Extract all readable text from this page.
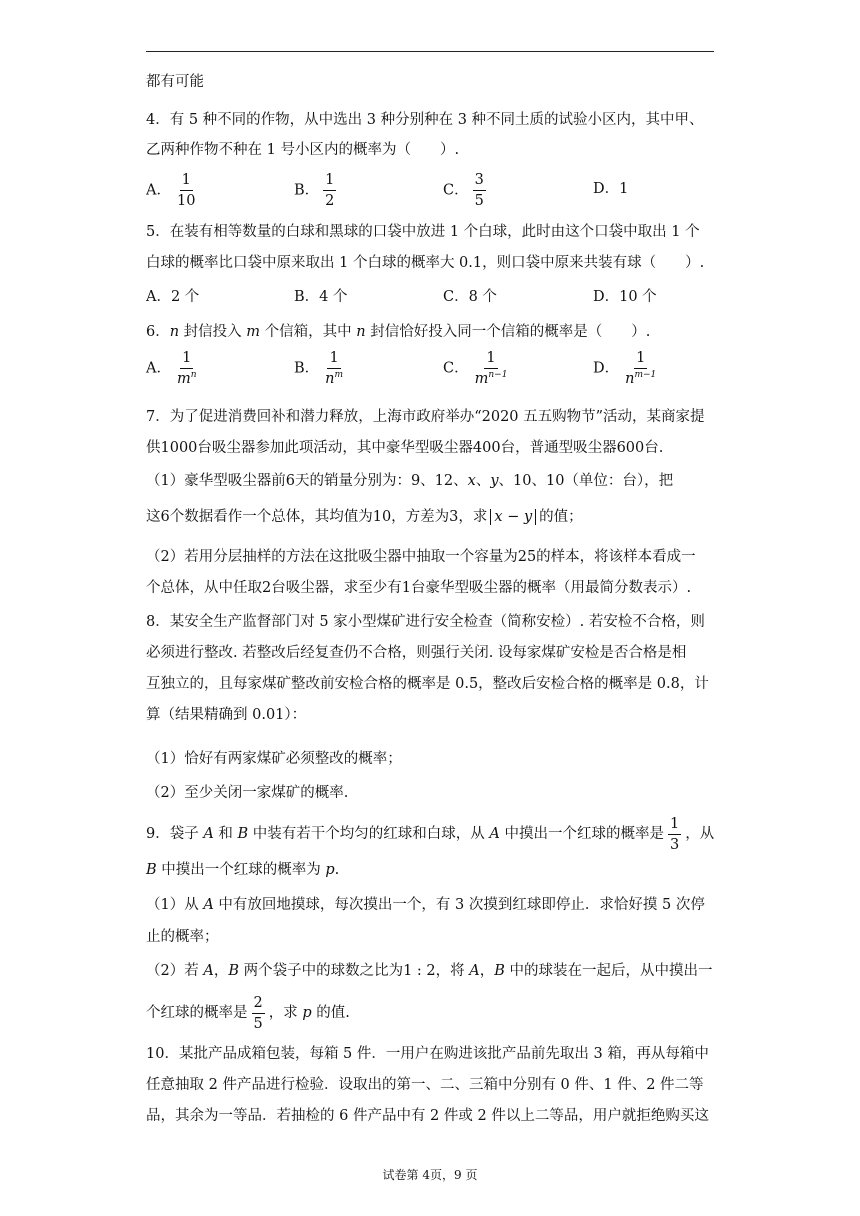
都有可能
4．有 5 种不同的作物，从中选出 3 种分别种在 3 种不同土质的试验小区内，其中甲、
乙两种作物不种在 1 号小区内的概率为（　　）.
A． $\frac{1}{10}$	B． $\frac{1}{2}$	C． $\frac{3}{5}$	D．1
5．在装有相等数量的白球和黑球的口袋中放进 1 个白球，此时由这个口袋中取出 1 个
白球的概率比口袋中原来取出 1 个白球的概率大 0.1，则口袋中原来共装有球（　　）.
A．2 个	B．4 个	C．8 个	D．10 个
6．n 封信投入 m 个信箱，其中 n 封信恰好投入同一个信箱的概率是（　　）.
A． $\frac{1}{m^n}$	B． $\frac{1}{n^m}$	C． $\frac{1}{m^{n-1}}$	D． $\frac{1}{n^{m-1}}$
7．为了促进消费回补和潜力释放，上海市政府举办“2020 五五购物节”活动，某商家提
供1000台吸尘器参加此项活动，其中豪华型吸尘器400台，普通型吸尘器600台.
（1）豪华型吸尘器前6天的销量分别为：9、12、x、y、10、10（单位：台），把
这6个数据看作一个总体，其均值为10，方差为3，求 x − y 的值；
（2）若用分层抽样的方法在这批吸尘器中抽取一个容量为25的样本，将该样本看成一
个总体，从中任取2台吸尘器，求至少有1台豪华型吸尘器的概率（用最简分数表示）.
8．某安全生产监督部门对 5 家小型煤矿进行安全检查（简称安检）. 若安检不合格，则
必须进行整改. 若整改后经复查仍不合格，则强行关闭. 设每家煤矿安检是否合格是相
互独立的，且每家煤矿整改前安检合格的概率是 0.5，整改后安检合格的概率是 0.8，计
算（结果精确到 0.01）：
（1）恰好有两家煤矿必须整改的概率；
（2）至少关闭一家煤矿的概率.
9．袋子 A 和 B 中装有若干个均匀的红球和白球，从 A 中摸出一个红球的概率是 $\frac{1}{3}$ ，从
B 中摸出一个红球的概率为 p.
（1）从 A 中有放回地摸球，每次摸出一个，有 3 次摸到红球即停止．求恰好摸 5 次停
止的概率；
（2）若 A，B 两个袋子中的球数之比为1 : 2，将 A，B 中的球装在一起后，从中摸出一
个红球的概率是 $\frac{2}{5}$ ，求 p 的值.
10．某批产品成箱包装，每箱 5 件．一用户在购进该批产品前先取出 3 箱，再从每箱中
任意抽取 2 件产品进行检验．设取出的第一、二、三箱中分别有 0 件、1 件、2 件二等
品，其余为一等品．若抽检的 6 件产品中有 2 件或 2 件以上二等品，用户就拒绝购买这
试卷第 4页，9 页
